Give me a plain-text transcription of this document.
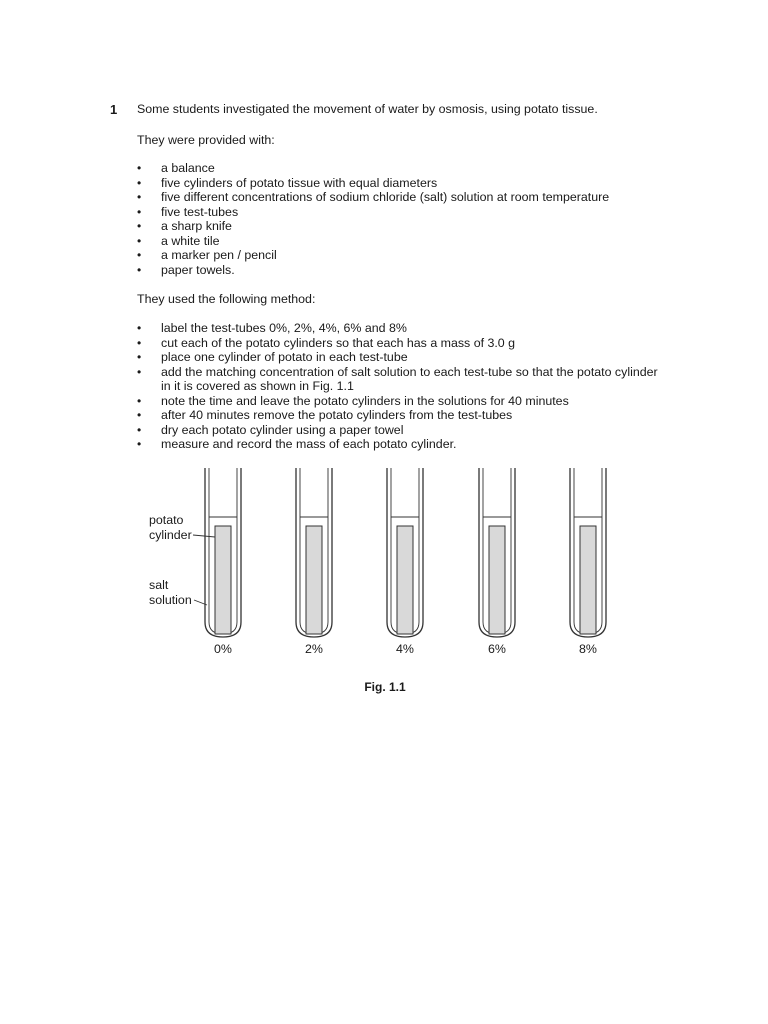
1 Some students investigated the movement of water by osmosis, using potato tissue.
They were provided with:
• a balance
• five cylinders of potato tissue with equal diameters
• five different concentrations of sodium chloride (salt) solution at room temperature
• five test-tubes
• a sharp knife
• a white tile
• a marker pen / pencil
• paper towels.
They used the following method:
• label the test-tubes 0%, 2%, 4%, 6% and 8%
• cut each of the potato cylinders so that each has a mass of 3.0 g
• place one cylinder of potato in each test-tube
• add the matching concentration of salt solution to each test-tube so that the potato cylinder in it is covered as shown in Fig. 1.1
• note the time and leave the potato cylinders in the solutions for 40 minutes
• after 40 minutes remove the potato cylinders from the test-tubes
• dry each potato cylinder using a paper towel
• measure and record the mass of each potato cylinder.
potato
cylinder
salt
solution
0%	2%	4%	6%	8%
Fig. 1.1
